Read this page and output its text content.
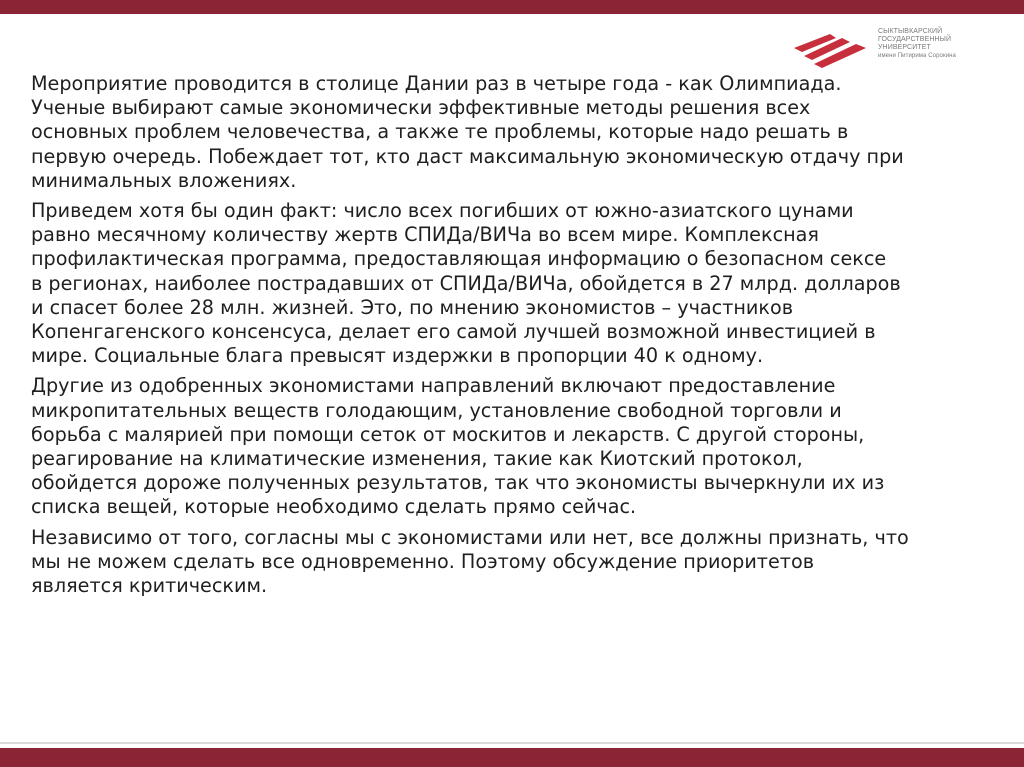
СЫКТЫВКАРСКИЙ
ГОСУДАРСТВЕННЫЙ
УНИВЕРСИТЕТ
имени Питирима Сорокина

Мероприятие проводится в столице Дании раз в четыре года - как Олимпиада.
Ученые выбирают самые экономически эффективные методы решения всех
основных проблем человечества, а также те проблемы, которые надо решать в
первую очередь. Побеждает тот, кто даст максимальную экономическую отдачу при
минимальных вложениях.

Приведем хотя бы один факт: число всех погибших от южно-азиатского цунами
равно месячному количеству жертв СПИДа/ВИЧа во всем мире. Комплексная
профилактическая программа, предоставляющая информацию о безопасном сексе
в регионах, наиболее пострадавших от СПИДа/ВИЧа, обойдется в 27 млрд. долларов
и спасет более 28 млн. жизней. Это, по мнению экономистов – участников
Копенгагенского консенсуса, делает его самой лучшей возможной инвестицией в
мире. Социальные блага превысят издержки в пропорции 40 к одному.

Другие из одобренных экономистами направлений включают предоставление
микропитательных веществ голодающим, установление свободной торговли и
борьба с малярией при помощи сеток от москитов и лекарств. С другой стороны,
реагирование на климатические изменения, такие как Киотский протокол,
обойдется дороже полученных результатов, так что экономисты вычеркнули их из
списка вещей, которые необходимо сделать прямо сейчас.

Независимо от того, согласны мы с экономистами или нет, все должны признать, что
мы не можем сделать все одновременно. Поэтому обсуждение приоритетов
является критическим.
